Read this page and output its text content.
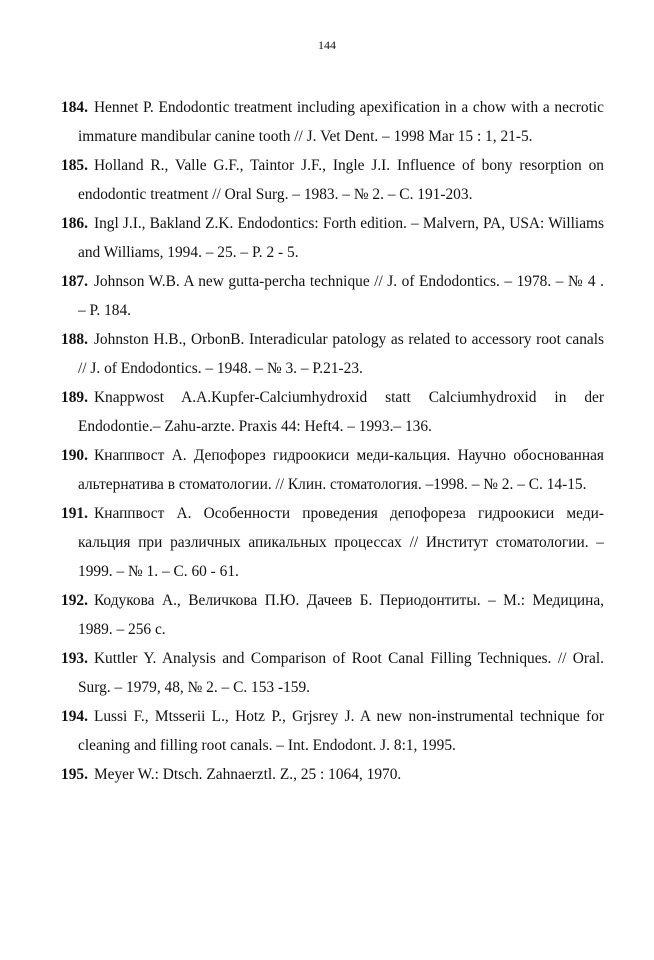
144
184. Hennet P. Endodontic treatment including apexification in a chow with a necrotic immature mandibular canine tooth // J. Vet Dent. – 1998 Mar 15 : 1, 21-5.
185. Holland R., Valle G.F., Taintor J.F., Ingle J.I. Influence of bony resorption on endodontic treatment // Oral Surg. – 1983. – № 2. – С. 191-203.
186. Ingl J.I., Bakland Z.K. Endodontics: Forth edition. – Malvern, PA, USA: Williams and Williams, 1994. – 25. – P. 2 - 5.
187. Johnson W.B. A new gutta-percha technique // J. of Endodontics. – 1978. – № 4 . – P. 184.
188. Johnston H.B., OrbonB. Interadicular patology as related to accessory root canals // J. of Endodontics. – 1948. – № 3. – P.21-23.
189. Knappwost A.A.Kupfer-Calciumhydroxid statt Calciumhydroxid in der Endodontie.– Zahu-arzte. Praxis 44: Heft4. – 1993.– 136.
190. Кнаппвост А. Депофорез гидроокиси меди-кальция. Научно обоснованная альтернатива в стоматологии. // Клин. стоматология. –1998. – № 2. – С. 14-15.
191. Кнаппвост А. Особенности проведения депофореза гидроокиси меди-кальция при различных апикальных процессах // Институт стоматологии. – 1999. – № 1. – С. 60 - 61.
192. Кодукова А., Величкова П.Ю. Дачеев Б. Периодонтиты. – М.: Медицина, 1989. – 256 с.
193. Kuttler Y. Analysis and Comparison of Root Canal Filling Techniques. // Oral. Surg. – 1979, 48, № 2. – C. 153 -159.
194. Lussi F., Mtsserii L., Hotz P., Grjsrey J. A new non-instrumental technique for cleaning and filling root canals. – Int. Endodont. J. 8:1, 1995.
195. Meyer W.: Dtsch. Zahnaerztl. Z., 25 : 1064, 1970.
